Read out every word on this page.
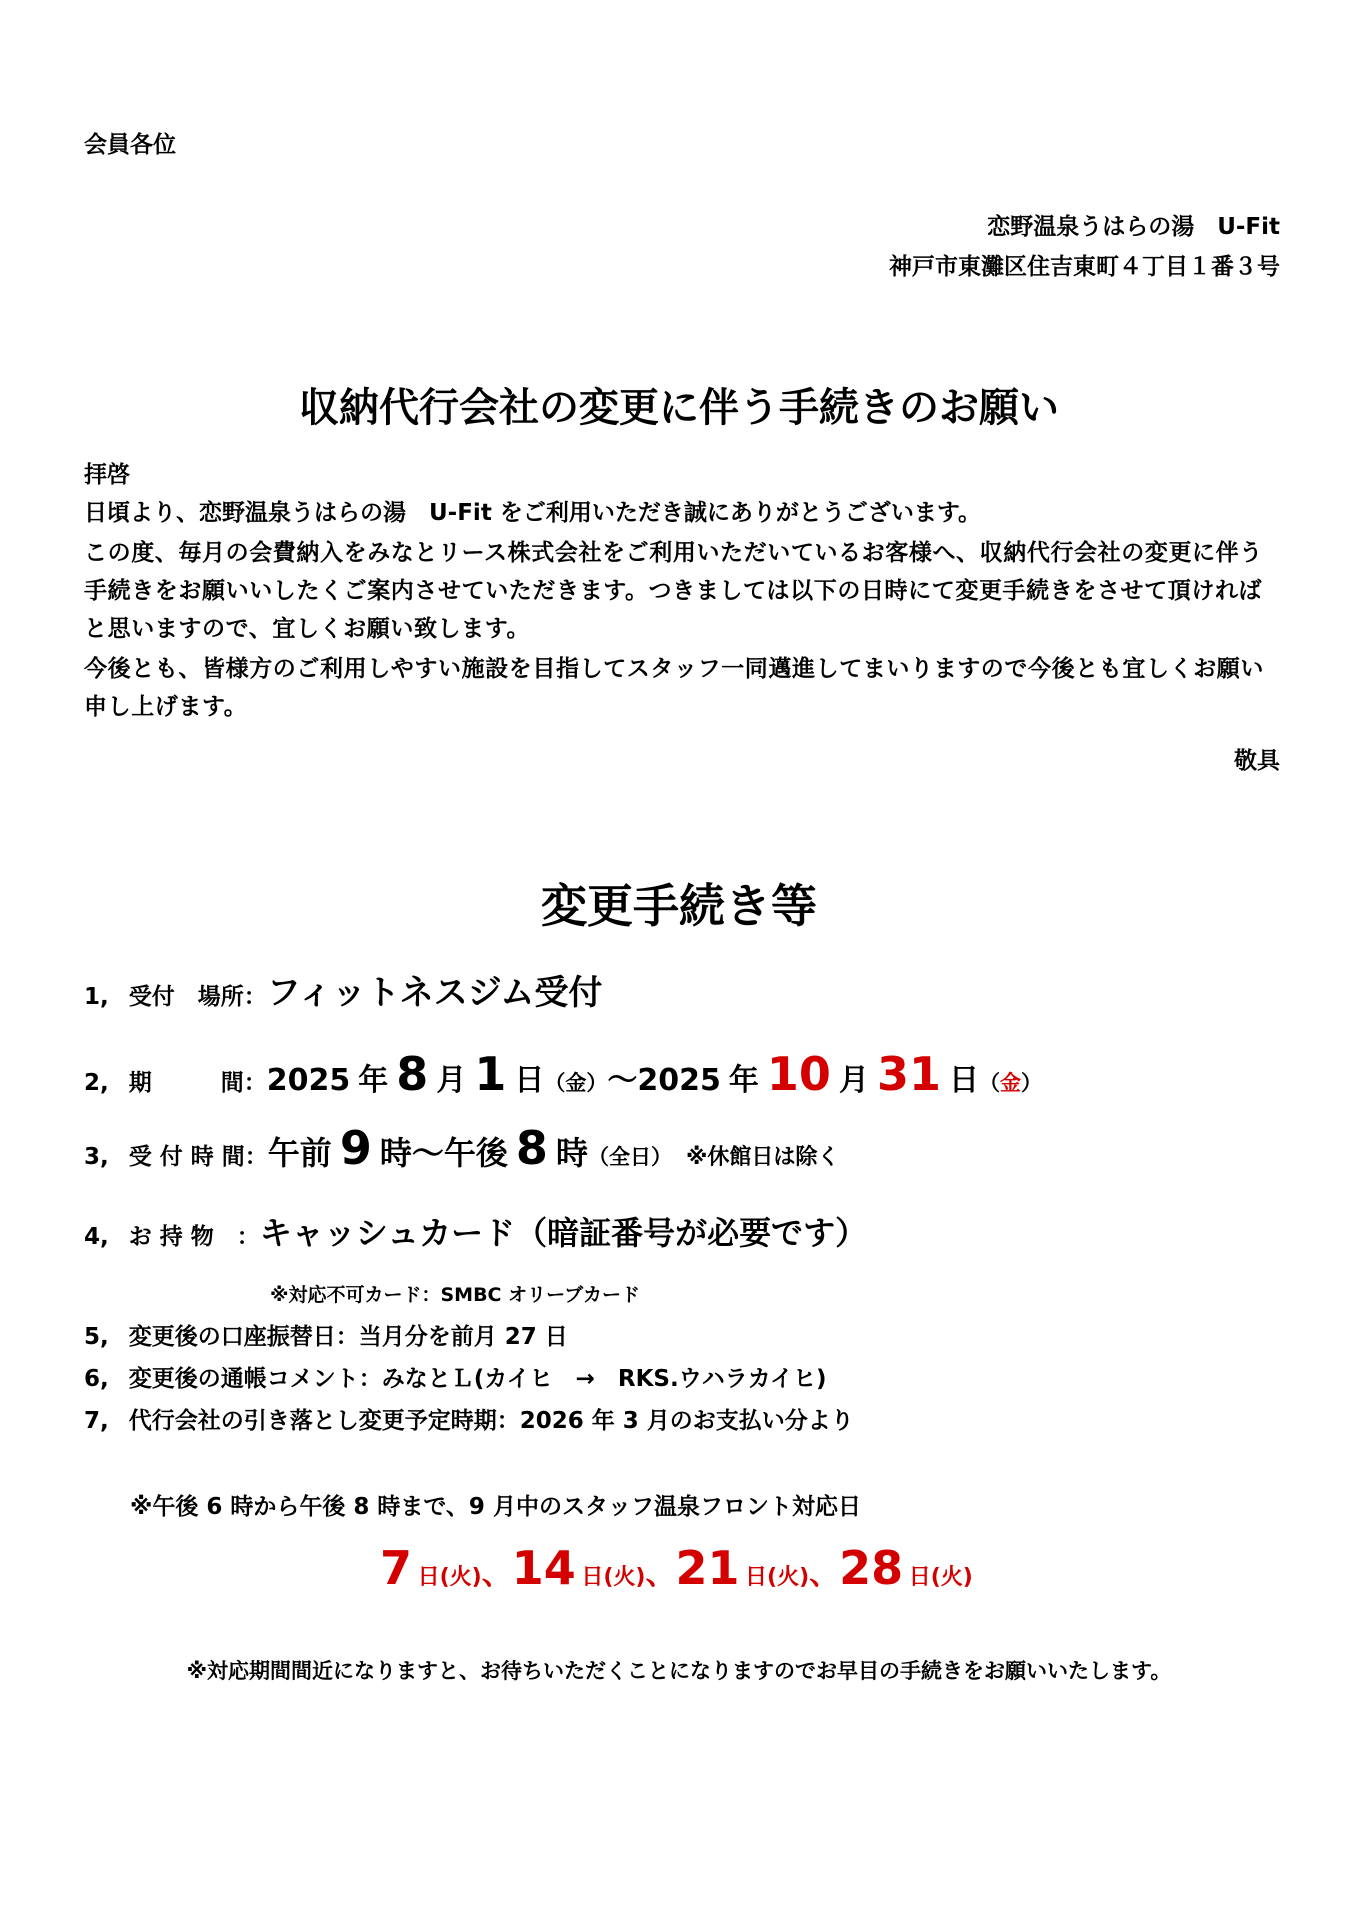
会員各位
恋野温泉うはらの湯　U-Fit
神戸市東灘区住吉東町４丁目１番３号
収納代行会社の変更に伴う手続きのお願い
拝啓
日頃より、恋野温泉うはらの湯　U-Fit をご利用いただき誠にありがとうございます。
この度、毎月の会費納入をみなとリース株式会社をご利用いただいているお客様へ、収納代行会社の変更に伴う手続きをお願いいしたくご案内させていただきます。つきましては以下の日時にて変更手続きをさせて頂ければと思いますので、宜しくお願い致します。
今後とも、皆様方のご利用しやすい施設を目指してスタッフ一同邁進してまいりますので今後とも宜しくお願い申し上げます。
敬具
変更手続き等
1, 受付　場所：フィットネスジム受付
2, 期　　　間：2025 年 8 月 1 日（金）～2025 年 10 月 31 日（金）
3, 受 付 時 間：午前 9 時～午後 8 時（全日） ※休館日は除く
4, お 持 物　：キャッシュカード（暗証番号が必要です）
※対応不可カード：SMBC オリーブカード
5, 変更後の口座振替日：当月分を前月 27 日
6, 変更後の通帳コメント：みなとＬ(カイヒ　→　RKS.ウハラカイヒ)
7, 代行会社の引き落とし変更予定時期：2026 年 3 月のお支払い分より
※午後 6 時から午後 8 時まで、9 月中のスタッフ温泉フロント対応日
7 日(火)、14 日(火)、21 日(火)、28 日(火)
※対応期間間近になりますと、お待ちいただくことになりますのでお早目の手続きをお願いいたします。
